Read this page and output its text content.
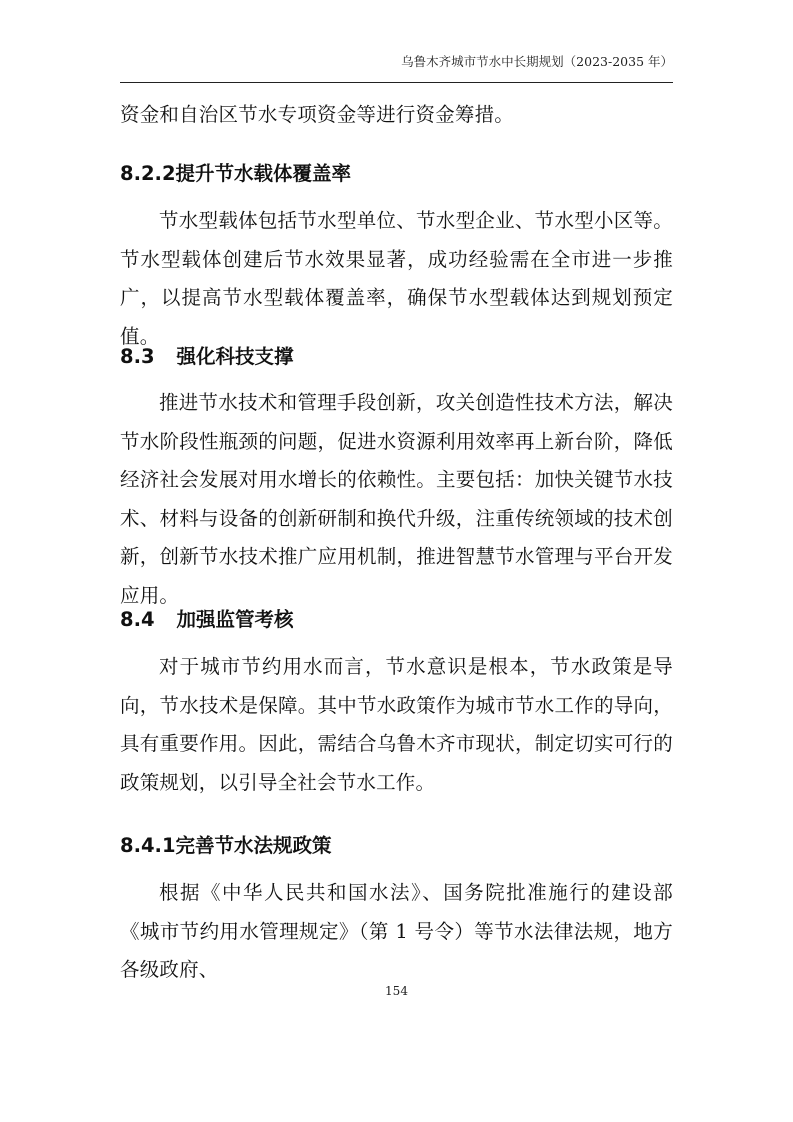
乌鲁木齐城市节水中长期规划（2023-2035 年）

资金和自治区节水专项资金等进行资金筹措。

8.2.2提升节水载体覆盖率

节水型载体包括节水型单位、节水型企业、节水型小区等。节水型载体创建后节水效果显著，成功经验需在全市进一步推广，以提高节水型载体覆盖率，确保节水型载体达到规划预定值。

8.3 强化科技支撑

推进节水技术和管理手段创新，攻关创造性技术方法，解决节水阶段性瓶颈的问题，促进水资源利用效率再上新台阶，降低经济社会发展对用水增长的依赖性。主要包括：加快关键节水技术、材料与设备的创新研制和换代升级，注重传统领域的技术创新，创新节水技术推广应用机制，推进智慧节水管理与平台开发应用。

8.4 加强监管考核

对于城市节约用水而言，节水意识是根本，节水政策是导向，节水技术是保障。其中节水政策作为城市节水工作的导向，具有重要作用。因此，需结合乌鲁木齐市现状，制定切实可行的政策规划，以引导全社会节水工作。

8.4.1完善节水法规政策

根据《中华人民共和国水法》、国务院批准施行的建设部《城市节约用水管理规定》（第 1 号令）等节水法律法规，地方各级政府、

154
